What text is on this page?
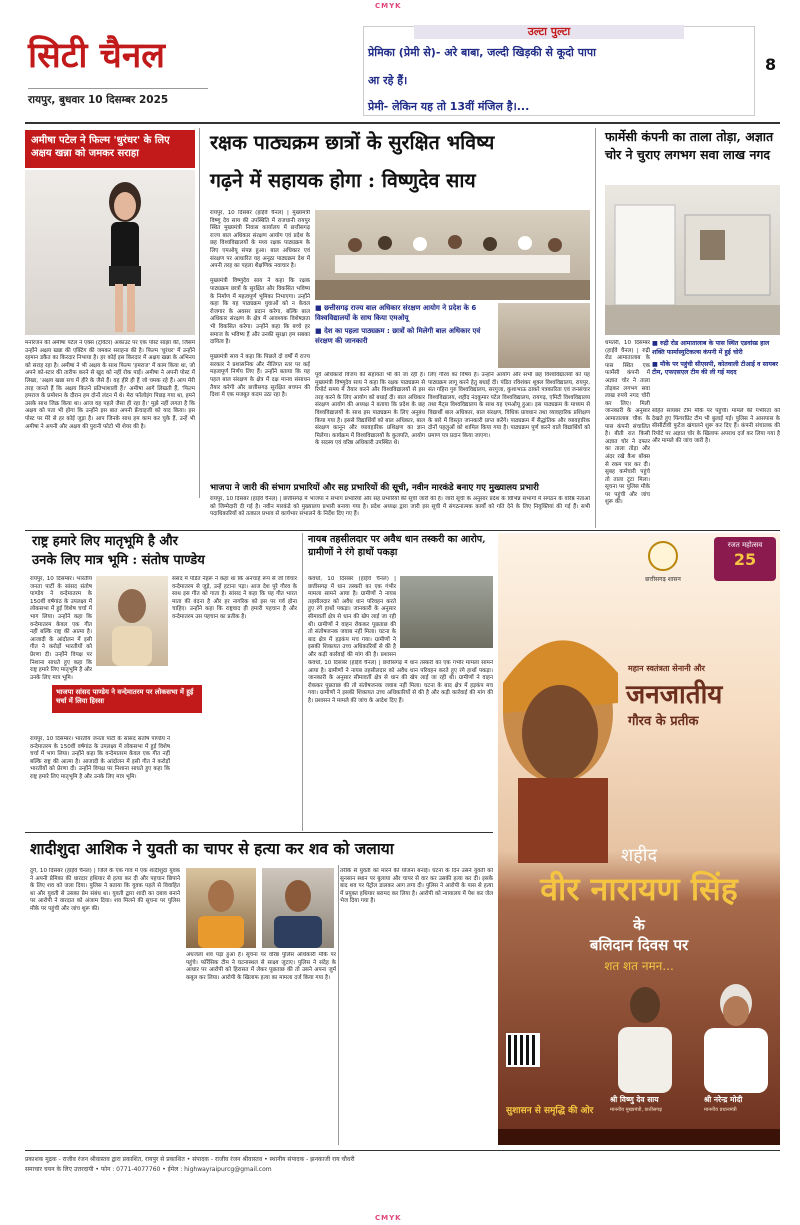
CMYK
CMYK
सिटी चैनल
रायपुर, बुधवार 10 दिसम्बर 2025
उल्टा पुल्टा
प्रेमिका (प्रेमी से)- अरे बाबा, जल्दी खिड़की से कूदो पापा
आ रहे हैं।
प्रेमी- लेकिन यह तो 13वीं मंजिल है।...
8
अमीषा पटेल ने फिल्म 'धुरंधर' के लिए अक्षय खन्ना को जमकर सराहा
मनोरंजन की अमीषा पटेल ने एक्स (ट्विटर) अकाउंट पर एक पोस्ट साझा की, जिसमें उन्होंने अक्षय खन्ना की एक्टिंग की जमकर सराहना की है। फिल्म 'धुरंधर' में उन्होंने रहमान डकैत का किरदार निभाया है। हर कोई इस किरदार में अक्षय खन्ना के अभिनय को सराह रहा है। अमीषा ने भी अक्षय के साथ फिल्म 'हमराज' में काम किया था, जो अपने को-स्टार की तारीफ करने से खुद को नहीं रोक पाईं। अमीषा ने अपनी पोस्ट में लिखा, 'अक्षय खन्ना सच में हीरे के जैसे हैं। वह हीरे ही हैं जो चमक रहे हैं। आप मेरी तरह जानते हैं कि अक्षय कितने प्रतिभाशाली हैं।' अमीषा आगे लिखती हैं, 'फिल्म हमराज के प्रमोशन के दौरान हम दोनों लंदन में थे। मेरा फॉलोइंग पिछड़ गया था, हमने उसके साथ जिक्र किया था। आज वह पहले जैसा ही रहा है।' मुझे नहीं लगता है कि अक्षय को पता भी होगा कि उन्होंने इस बात अपनी फ्रेंचाइजी को याद किया। इस पोस्ट पर मेरे से हर कोई जुड़ा है। आप जिनके साथ हम काम कर चुके हैं, उन्हें भी अमीषा ने अपनी और अक्षय की पुरानी फोटो भी शेयर की है।
रक्षक पाठ्यक्रम छात्रों के सुरक्षित भविष्य
गढ़ने में सहायक होगा : विष्णुदेव साय
रायपुर, 10 दिसंबर (हाईवे चैनल) | मुख्यमंत्री विष्णु देव साय की उपस्थिति में राजधानी रायपुर स्थित मुख्यमंत्री निवास कार्यालय में छत्तीसगढ़ राज्य बाल अधिकार संरक्षण आयोग एवं प्रदेश के छह विश्वविद्यालयों के मध्य रक्षक पाठ्यक्रम के लिए एमओयू संपन्न हुआ। बाल अधिकार एवं संरक्षण पर आधारित यह अनूठा पाठ्यक्रम देश में अपनी तरह का पहला शैक्षणिक नवाचार है।

मुख्यमंत्री विष्णुदेव साय ने कहा कि रक्षक पाठ्यक्रम छात्रों के सुरक्षित और विकसित भविष्य के निर्माण में महत्वपूर्ण भूमिका निभाएगा। उन्होंने कहा कि यह पाठ्यक्रम युवाओं को न केवल रोजगार के अवसर प्रदान करेगा, बल्कि बाल अधिकार संरक्षण के क्षेत्र में आवश्यक विशेषज्ञता भी विकसित करेगा। उन्होंने कहा कि बच्चे हर समाज के भविष्य हैं और उनकी सुरक्षा हम सबका दायित्व है।

मुख्यमंत्री साय ने कहा कि पिछले दो वर्षों में राज्य सरकार ने प्रशासनिक और नीतिगत स्तर पर कई महत्वपूर्ण निर्णय लिए हैं। उन्होंने बताया कि यह पहल बाल संरक्षण के क्षेत्र में दक्ष मानव संसाधन तैयार करेगी और छत्तीसगढ़ सुरक्षित बचपन की दिशा में एक मजबूत कदम उठा रहा है।
■ छत्तीसगढ़ राज्य बाल अधिकार संरक्षण आयोग ने प्रदेश के 6 विश्वविद्यालयों के साथ किया एमओयू
■ देश का पहला पाठ्यक्रम : छात्रों को मिलेगी बाल अधिकार एवं संरक्षण की जानकारी
पूर्व अधिकारों विजय की सहायता भी की जा रही है। मुख्यमंत्री विष्णुदेव साय ने कहा कि रक्षक पाठ्यक्रम से रिपोर्ट समय में तैयार करने और विश्वविद्यालयों से इस तरह करने के लिए आयोग को बधाई दी। बाल अधिकार संरक्षण आयोग की अध्यक्ष ने बताया कि प्रदेश के छह विश्वविद्यालयों के साथ इस पाठ्यक्रम के लिए अनुबंध किया गया है। इससे विद्यार्थियों को बाल अधिकार, बाल संरक्षण कानून और व्यावहारिक प्रशिक्षण का ज्ञान मिलेगा। कार्यक्रम में विश्वविद्यालयों के कुलपति, आयोग के सदस्य एवं वरिष्ठ अधिकारी उपस्थित थे।
लिए गौरव का विषय है। उन्होंने आयोग और सभी छह विश्वविद्यालयों को यह पाठ्यक्रम लागू करने हेतु बधाई दी। पंडित रविशंकर शुक्ल विश्वविद्यालय, रायपुर, संत गहिरा गुरु विश्वविद्यालय, सरगुजा, कुशाभाऊ ठाकरे पत्रकारिता एवं जनसंचार विश्वविद्यालय, शहीद नंदकुमार पटेल विश्वविद्यालय, रायगढ़, एमिटी विश्वविद्यालय तथा मैट्स विश्वविद्यालय के साथ यह एमओयू हुआ। इस पाठ्यक्रम के माध्यम से विद्यार्थी बाल अधिकार, बाल संरक्षण, विधिक प्रावधान तथा व्यावहारिक प्रशिक्षण के बारे में विस्तृत जानकारी प्राप्त करेंगे। पाठ्यक्रम में सैद्धांतिक और व्यावहारिक दोनों पहलुओं को शामिल किया गया है। पाठ्यक्रम पूर्ण करने वाले विद्यार्थियों को प्रमाण पत्र प्रदान किया जाएगा।
भाजपा ने जारी की संभाग प्रभारियों और सह प्रभारियों की सूची, नवीन मारकंडे बनाए गए मुख्यालय प्रभारी
रायपुर, 10 दिसंबर (हाईवे चैनल) | छत्तीसगढ़ में भाजपा ने संभाग प्रभारियों और सह प्रभारियों की सूची जारी की है। जारी सूची के अनुसार प्रदेश के विभिन्न संभागों में संगठन के वरिष्ठ नेताओं को जिम्मेदारी दी गई है। नवीन मारकंडे को मुख्यालय प्रभारी बनाया गया है। प्रदेश अध्यक्ष द्वारा जारी इस सूची में संगठनात्मक कार्यों को गति देने के लिए नियुक्तियां की गई हैं। सभी पदाधिकारियों को तत्काल प्रभाव से कार्यभार संभालने के निर्देश दिए गए हैं।
फार्मेसी कंपनी का ताला तोड़ा, अज्ञात चोर ने चुराए लगभग सवा लाख नगद
धमतरी, 10 दिसम्बर (हाईवे चैनल) | रुद्री रोड आमातालाब के पास स्थित एक फार्मेसी कंपनी में अज्ञात चोर ने ताला तोड़कर लगभग सवा लाख रुपये नगद चोरी कर लिए। मिली जानकारी के अनुसार आमातालाब चौक के पास कंपनी संचालित है। बीती रात किसी अज्ञात चोर ने दफ्तर का ताला तोड़ा और अंदर रखे कैश बॉक्स से रकम पार कर दी। सुबह कर्मचारी पहुंचे तो ताला टूटा मिला। सूचना पर पुलिस मौके पर पहुंची और जांच शुरू की।
■ रुद्री रोड आमातालाब के पास स्थित एडवांस्ड हाल शक्ति फार्मास्युटिकल्स कंपनी में हुई चोरी
■ मौके पर पहुंची सीएसपी, कोतवाली टीआई व सायबर टीम, एफएसएल टीम की ली गई मदद
सहित सायबर टीम मौके पर पहुंची। मामले की गंभीरता को देखते हुए फिंगरप्रिंट टीम भी बुलाई गई। पुलिस ने आसपास के सीसीटीवी फुटेज खंगालने शुरू कर दिए हैं। कंपनी संचालक की रिपोर्ट पर अज्ञात चोर के खिलाफ अपराध दर्ज कर लिया गया है और मामले की जांच जारी है।
राष्ट्र हमारे लिए मातृभूमि है और
उनके लिए मात्र भूमि : संतोष पाण्डेय
रायपुर, 10 दिसम्बर। भारतीय जनता पार्टी के सांसद संतोष पाण्डेय ने वन्देमातरम के 150वीं वर्षगांठ के उपलक्ष्य में लोकसभा में हुई विशेष चर्चा में भाग लिया। उन्होंने कहा कि वन्देमातरम केवल एक गीत नहीं बल्कि राष्ट्र की आत्मा है। आजादी के आंदोलन में इसी गीत ने करोड़ों भारतीयों को प्रेरणा दी। उन्होंने विपक्ष पर निशाना साधते हुए कहा कि राष्ट्र हमारे लिए मातृभूमि है और उनके लिए मात्र भूमि।
भाजपा सांसद पाण्डेय ने वन्देमातरम पर लोकसभा में हुई चर्चा में लिया हिस्सा
संसद में पंडित नेहरू ने कहा था कि अनचाहे रूप से जो विचार वन्देमातरम से जुड़े, उन्हें हटाना पड़ा। आज देश पूरे गौरव के साथ इस गीत को गाता है। सांसद ने कहा कि यह गीत भारत माता की वंदना है और हर नागरिक को इस पर गर्व होना चाहिए। उन्होंने कहा कि राष्ट्रवाद ही हमारी पहचान है और वन्देमातरम उस पहचान का प्रतीक है।
रायपुर, 10 दिसम्बर। भारतीय जनता पार्टी के सांसद संतोष पाण्डेय ने वन्देमातरम के 150वीं वर्षगांठ के उपलक्ष्य में लोकसभा में हुई विशेष चर्चा में भाग लिया। उन्होंने कहा कि वन्देमातरम केवल एक गीत नहीं बल्कि राष्ट्र की आत्मा है। आजादी के आंदोलन में इसी गीत ने करोड़ों भारतीयों को प्रेरणा दी। उन्होंने विपक्ष पर निशाना साधते हुए कहा कि राष्ट्र हमारे लिए मातृभूमि है और उनके लिए मात्र भूमि।
नायब तहसीलदार पर अवैध धान तस्करी का आरोप, ग्रामीणों ने रंगे हाथों पकड़ा
कवर्धा, 10 दिसंबर (हाईवे चैनल) | छत्तीसगढ़ में धान तस्करी का एक गंभीर मामला सामने आया है। ग्रामीणों ने नायब तहसीलदार को अवैध धान परिवहन करते हुए रंगे हाथों पकड़ा। जानकारी के अनुसार सीमावर्ती क्षेत्र से धान की खेप लाई जा रही थी। ग्रामीणों ने वाहन रोककर पूछताछ की तो संतोषजनक जवाब नहीं मिला। घटना के बाद क्षेत्र में हड़कंप मच गया। ग्रामीणों ने इसकी शिकायत उच्च अधिकारियों से की है और कड़ी कार्रवाई की मांग की है। प्रशासन
कवर्धा, 10 दिसंबर (हाईवे चैनल) | छत्तीसगढ़ में धान तस्करी का एक गंभीर मामला सामने आया है। ग्रामीणों ने नायब तहसीलदार को अवैध धान परिवहन करते हुए रंगे हाथों पकड़ा। जानकारी के अनुसार सीमावर्ती क्षेत्र से धान की खेप लाई जा रही थी। ग्रामीणों ने वाहन रोककर पूछताछ की तो संतोषजनक जवाब नहीं मिला। घटना के बाद क्षेत्र में हड़कंप मच गया। ग्रामीणों ने इसकी शिकायत उच्च अधिकारियों से की है और कड़ी कार्रवाई की मांग की है। प्रशासन ने मामले की जांच के आदेश दिए हैं।
छत्तीसगढ़ शासन
रजत महोत्सव
25
महान स्वतंत्रता सेनानी और
जनजातीय
गौरव के प्रतीक
शहीद
वीर नारायण सिंह
के
बलिदान दिवस पर
शत शत नमन...
सुशासन से समृद्धि की ओर
श्री विष्णु देव साय
माननीय मुख्यमंत्री, छत्तीसगढ़
श्री नरेन्द्र मोदी
माननीय प्रधानमंत्री
शादीशुदा आशिक ने युवती का चापर से हत्या कर शव को जलाया
दुर्ग, 10 दिसंबर (हाईवे चैनल) | जिले के एक गांव में एक शादीशुदा युवक ने अपनी प्रेमिका की धारदार हथियार से हत्या कर दी और पहचान छिपाने के लिए शव को जला दिया। पुलिस ने बताया कि युवक पहले से विवाहित था और युवती से उसका प्रेम संबंध था। युवती द्वारा शादी का दबाव बनाने पर आरोपी ने वारदात को अंजाम दिया। शव मिलने की सूचना पर पुलिस मौके पर पहुंची और जांच शुरू की।
अधजला शव पड़ा हुआ है। सूचना पर वरिष्ठ पुलिस अधिकारी मौके पर पहुंचे। फॉरेंसिक टीम ने घटनास्थल से साक्ष्य जुटाए। पुलिस ने संदेह के आधार पर आरोपी को हिरासत में लेकर पूछताछ की तो उसने अपना जुर्म कबूल कर लिया। आरोपी के खिलाफ हत्या का मामला दर्ज किया गया है।
तरीके से युवती को मारने की योजना बनाई। घटना के दिन उसने युवती को सुनसान स्थान पर बुलाया और चापर से वार कर उसकी हत्या कर दी। इसके बाद शव पर पेट्रोल डालकर आग लगा दी। पुलिस ने आरोपी के पास से हत्या में प्रयुक्त हथियार बरामद कर लिया है। आरोपी को न्यायालय में पेश कर जेल भेज दिया गया है।
प्रकाशक मुद्रक - राजीव रंजन श्रीवास्तव द्वारा प्रकाशित, रायपुर से प्रकाशित • संपादक - राजीव रंजन श्रीवास्तव • स्थानीय संपादक - झनकाजी राय चौधरी
समाचार चयन के लिए उत्तरदायी • फोन : 0771-4077760 • ईमेल : highwayraipurcg@gmail.com
